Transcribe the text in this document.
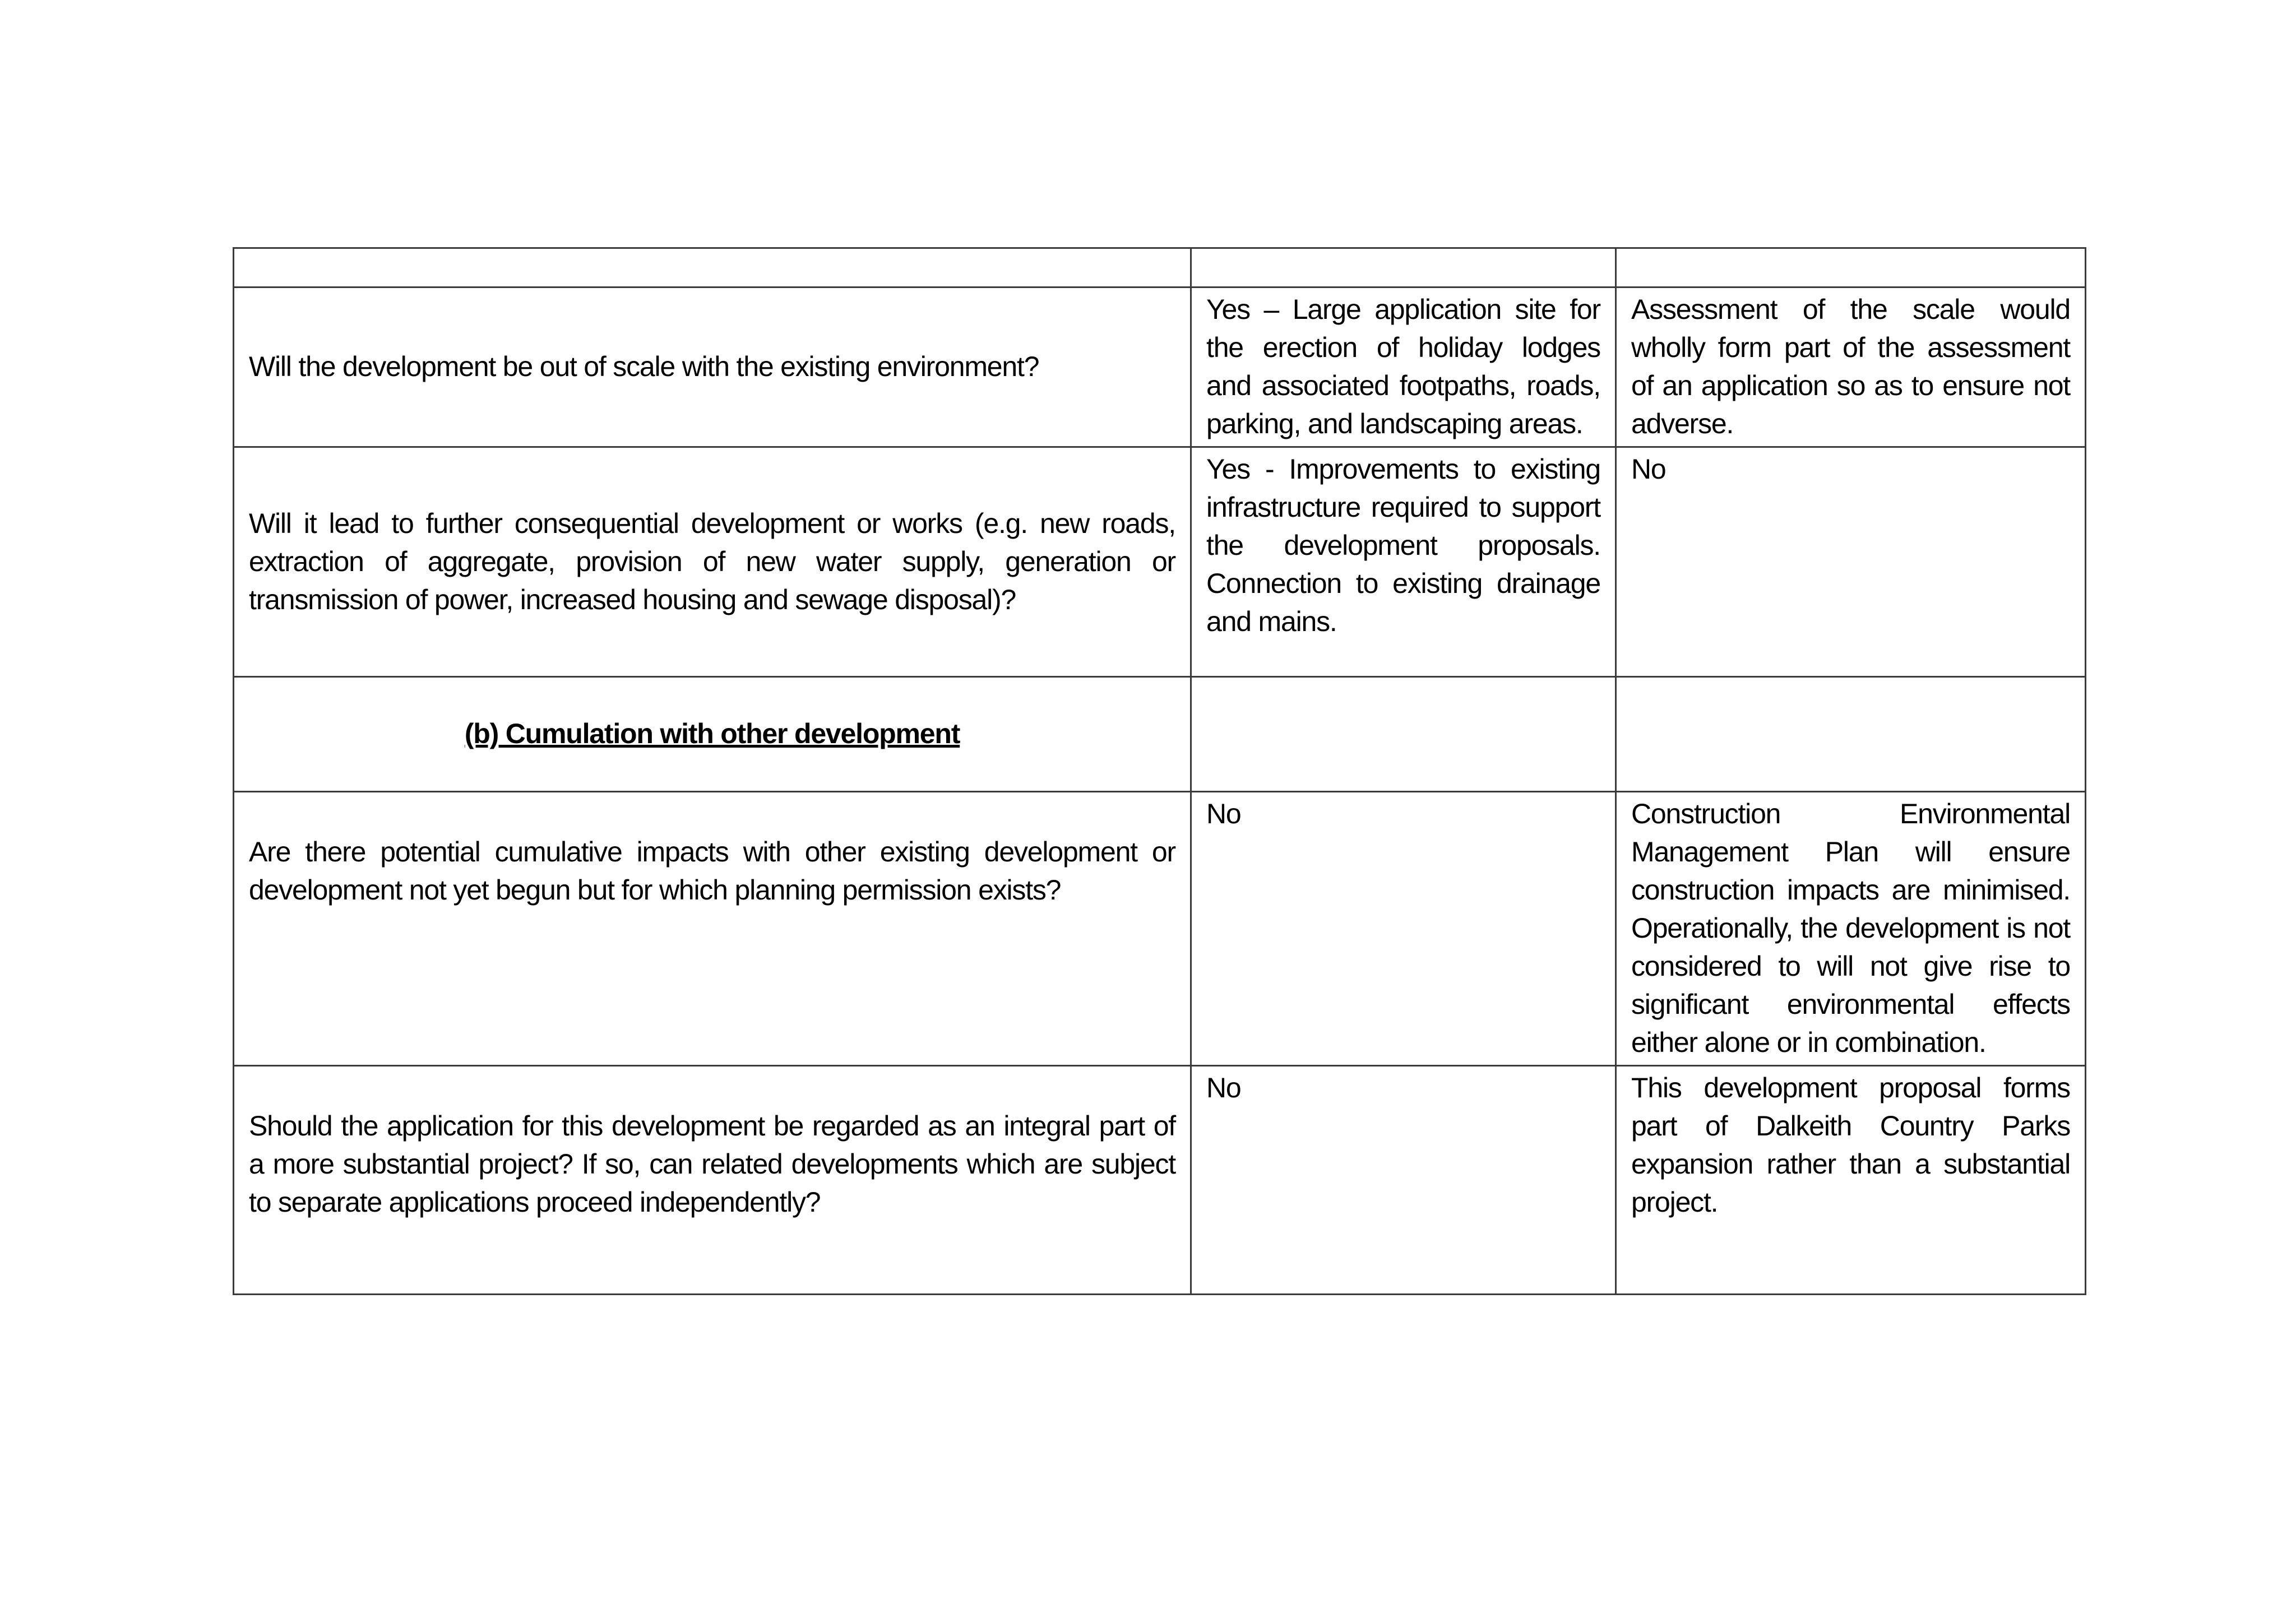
Will the development be out of scale with the existing environment?	Yes – Large application site for the erection of holiday lodges and associated footpaths, roads, parking, and landscaping areas.	Assessment of the scale would wholly form part of the assessment of an application so as to ensure not adverse.

Will it lead to further consequential development or works (e.g. new roads, extraction of aggregate, provision of new water supply, generation or transmission of power, increased housing and sewage disposal)?	Yes - Improvements to existing infrastructure required to support the development proposals. Connection to existing drainage and mains.	No

(b) Cumulation with other development		

Are there potential cumulative impacts with other existing development or development not yet begun but for which planning permission exists?	No	Construction Environmental Management Plan will ensure construction impacts are minimised. Operationally, the development is not considered to will not give rise to significant environmental effects either alone or in combination.

Should the application for this development be regarded as an integral part of a more substantial project? If so, can related developments which are subject to separate applications proceed independently?	No	This development proposal forms part of Dalkeith Country Parks expansion rather than a substantial project.
